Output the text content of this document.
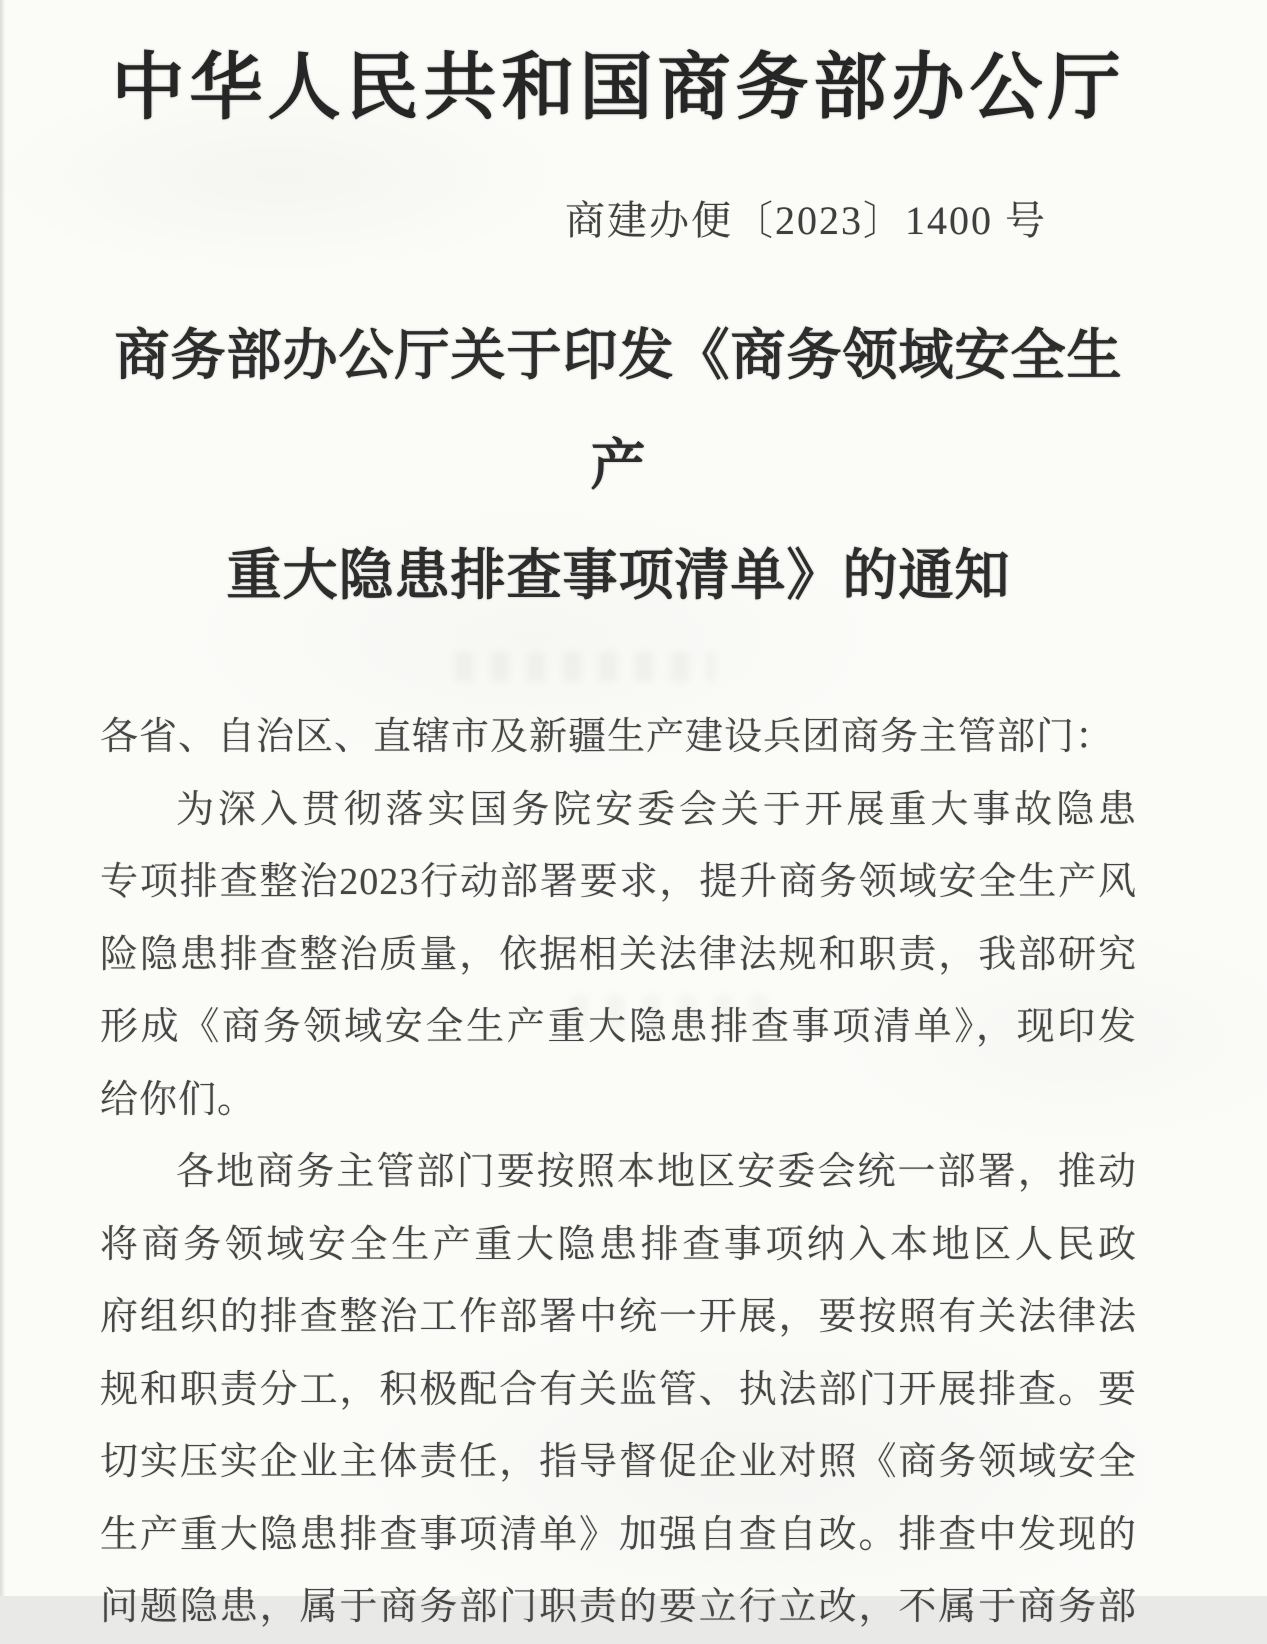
中华人民共和国商务部办公厅
商建办便〔2023〕1400 号
商务部办公厅关于印发《商务领域安全生产
重大隐患排查事项清单》的通知
各省、自治区、直辖市及新疆生产建设兵团商务主管部门：
为深入贯彻落实国务院安委会关于开展重大事故隐患
专项排查整治2023行动部署要求，提升商务领域安全生产风
险隐患排查整治质量，依据相关法律法规和职责，我部研究
形成《商务领域安全生产重大隐患排查事项清单》，现印发
给你们。
各地商务主管部门要按照本地区安委会统一部署，推动
将商务领域安全生产重大隐患排查事项纳入本地区人民政
府组织的排查整治工作部署中统一开展，要按照有关法律法
规和职责分工，积极配合有关监管、执法部门开展排查。要
切实压实企业主体责任，指导督促企业对照《商务领域安全
生产重大隐患排查事项清单》加强自查自改。排查中发现的
问题隐患，属于商务部门职责的要立行立改，不属于商务部
